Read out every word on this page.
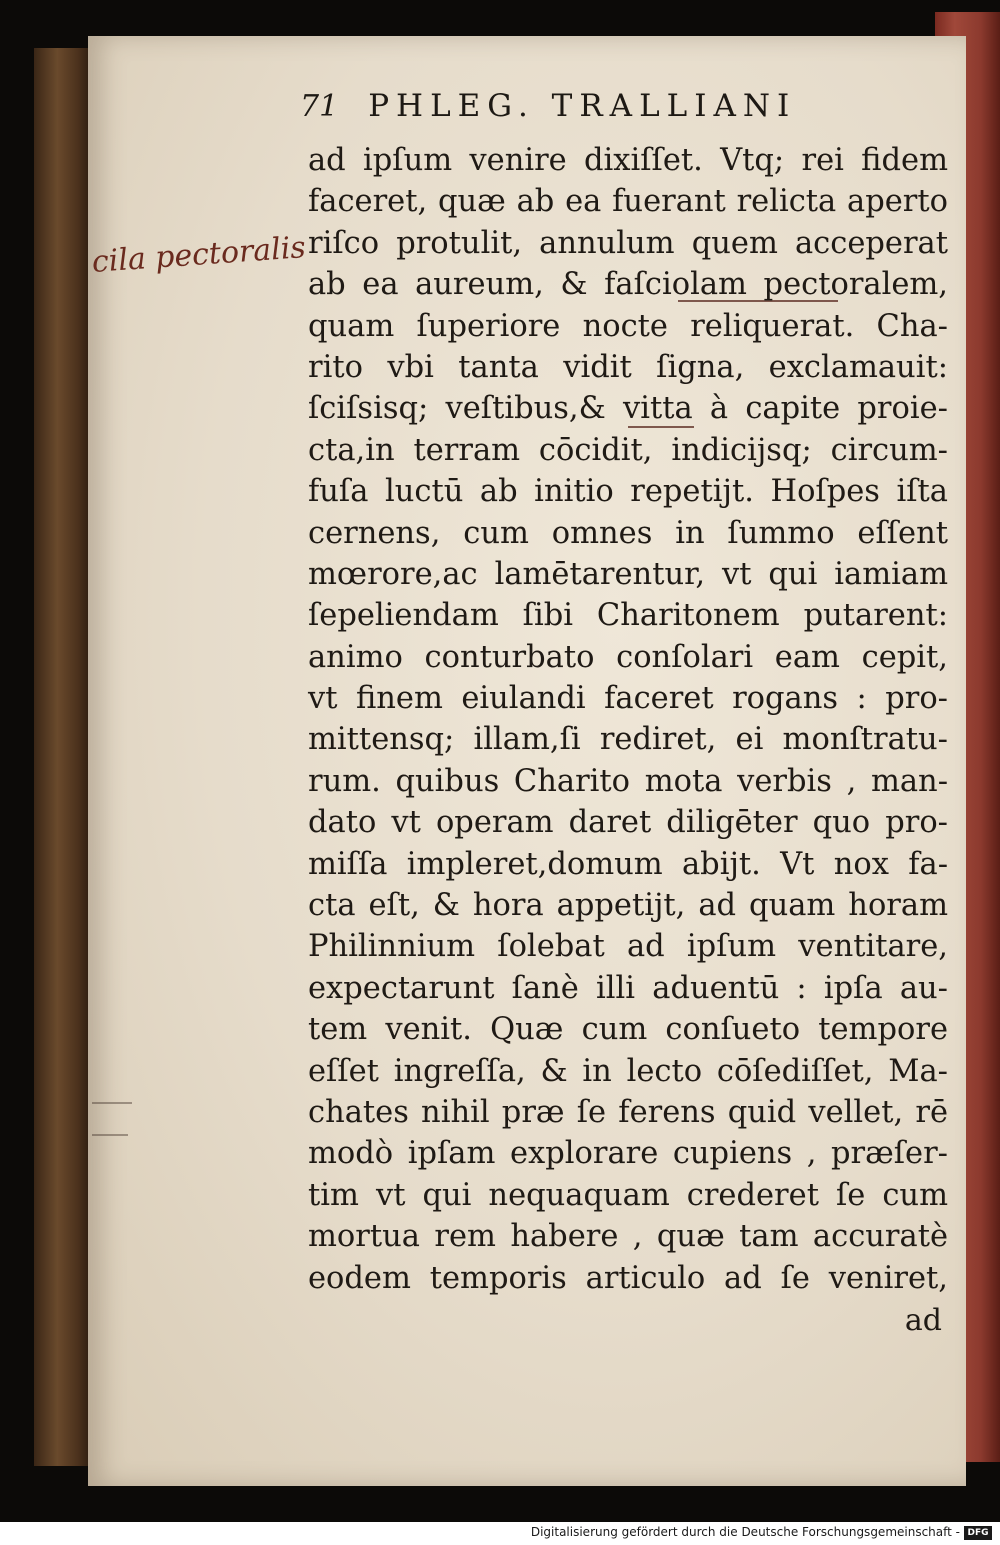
71 PHLEG. TRALLIANI
cila pectoralis
ad ipſum venire dixiſſet. Vtq; rei fidem
faceret, quæ ab ea fuerant relicta aperto
riſco protulit, annulum quem acceperat
ab ea aureum, & faſciolam pectoralem,
quam ſuperiore nocte reliquerat. Cha-
rito vbi tanta vidit ſigna, exclamauit:
ſciſsisq; veſtibus,& vitta à capite proie-
cta,in terram cōcidit, indicijsq; circum-
fuſa luctū ab initio repetijt. Hoſpes iſta
cernens, cum omnes in ſummo eſſent
mœrore,ac lamētarentur, vt qui iamiam
ſepeliendam ſibi Charitonem putarent:
animo conturbato conſolari eam cepit,
vt finem eiulandi faceret rogans : pro-
mittensq; illam,ſi rediret, ei monſtratu-
rum. quibus Charito mota verbis , man-
dato vt operam daret diligēter quo pro-
miſſa impleret,domum abijt. Vt nox fa-
cta eſt, & hora appetijt, ad quam horam
Philinnium ſolebat ad ipſum ventitare,
expectarunt ſanè illi aduentū : ipſa au-
tem venit. Quæ cum conſueto tempore
eſſet ingreſſa, & in lecto cōſediſſet, Ma-
chates nihil præ ſe ferens quid vellet, rē
modò ipſam explorare cupiens , præſer-
tim vt qui nequaquam crederet ſe cum
mortua rem habere , quæ tam accuratè
eodem temporis articulo ad ſe veniret,
ad
Digitalisierung gefördert durch die Deutsche Forschungsgemeinschaft - DFG
